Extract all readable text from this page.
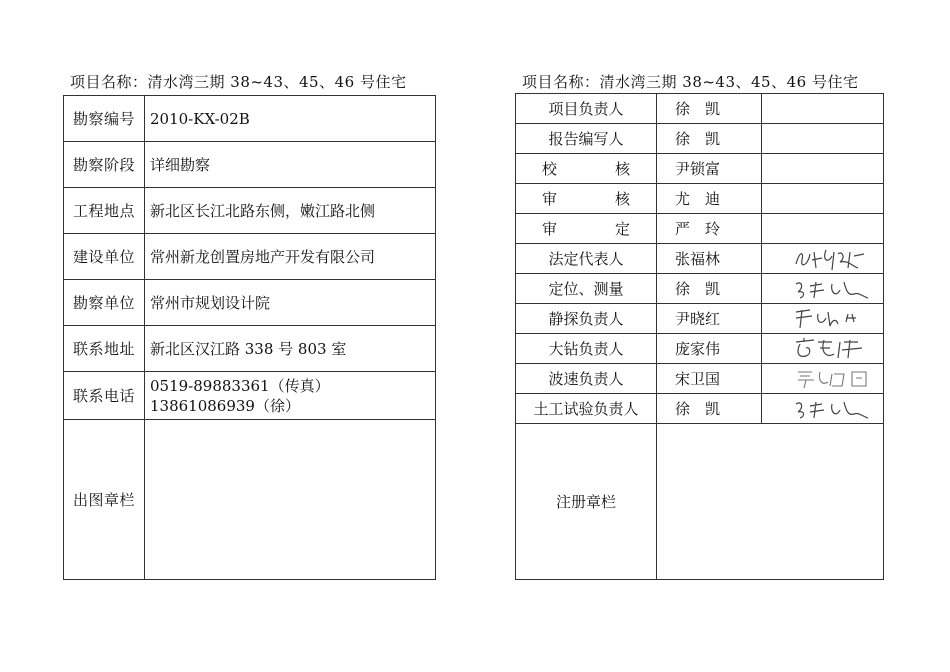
项目名称：清水湾三期 38~43、45、46 号住宅
勘察编号	2010-KX-02B
勘察阶段	详细勘察
工程地点	新北区长江北路东侧，嫩江路北侧
建设单位	常州新龙创置房地产开发有限公司
勘察单位	常州市规划设计院
联系地址	新北区汉江路 338 号 803 室
联系电话	0519-89883361（传真）
13861086939（徐）

出图章栏	
项目名称：清水湾三期 38~43、45、46 号住宅
项目负责人	徐　凯	
报告编写人	徐　凯	

校 核	尹锁富	

审 核	尤　迪	

审 定	严　玲	
法定代表人	张福林	

定位、测量	徐　凯	

静探负责人	尹晓红	

大钻负责人	庞家伟	

波速负责人	宋卫国	

土工试验负责人	徐　凯	

注册章栏		
